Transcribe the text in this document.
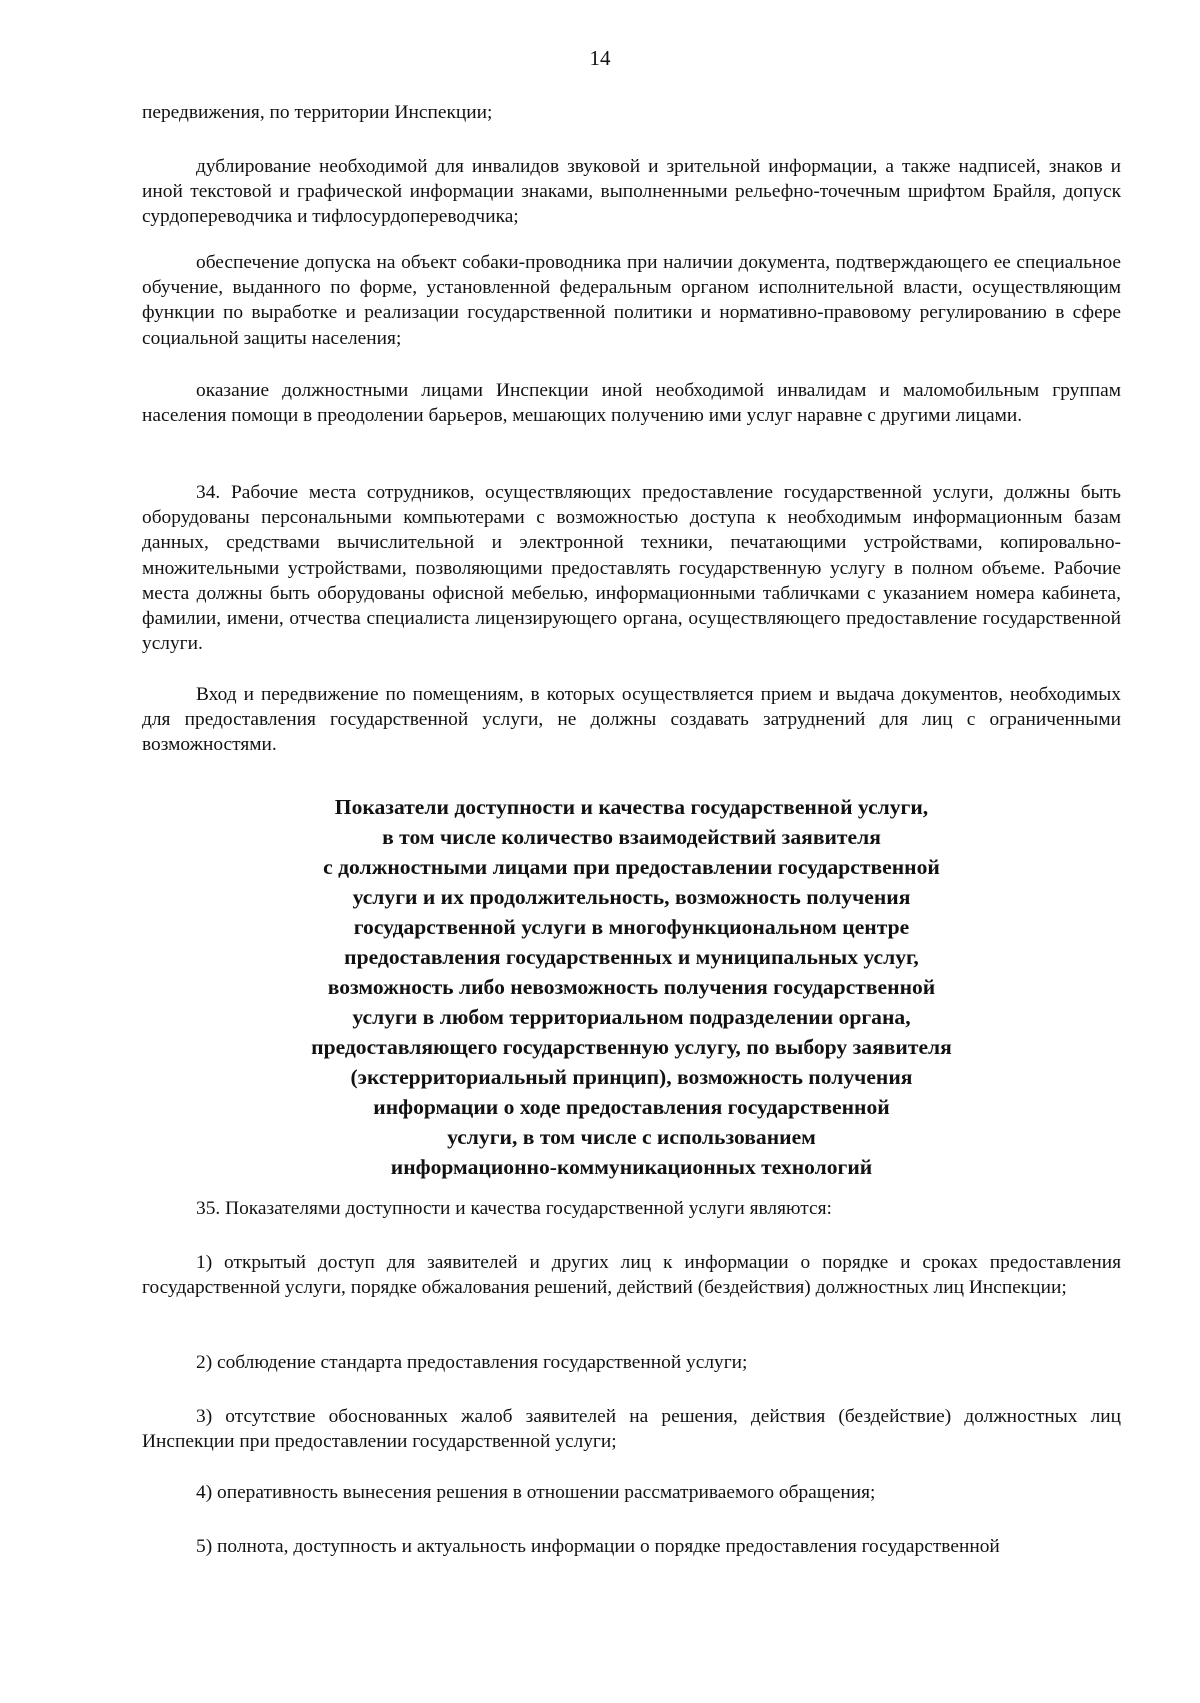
14

передвижения, по территории Инспекции;

дублирование необходимой для инвалидов звуковой и зрительной информации, а также надписей, знаков и иной текстовой и графической информации знаками, выполненными рельефно-точечным шрифтом Брайля, допуск сурдопереводчика и тифлосурдопереводчика;

обеспечение допуска на объект собаки-проводника при наличии документа, подтверждающего ее специальное обучение, выданного по форме, установленной федеральным органом исполнительной власти, осуществляющим функции по выработке и реализации государственной политики и нормативно-правовому регулированию в сфере социальной защиты населения;

оказание должностными лицами Инспекции иной необходимой инвалидам и маломобильным группам населения помощи в преодолении барьеров, мешающих получению ими услуг наравне с другими лицами.

34. Рабочие места сотрудников, осуществляющих предоставление государственной услуги, должны быть оборудованы персональными компьютерами с возможностью доступа к необходимым информационным базам данных, средствами вычислительной и электронной техники, печатающими устройствами, копировально-множительными устройствами, позволяющими предоставлять государственную услугу в полном объеме. Рабочие места должны быть оборудованы офисной мебелью, информационными табличками с указанием номера кабинета, фамилии, имени, отчества специалиста лицензирующего органа, осуществляющего предоставление государственной услуги.

Вход и передвижение по помещениям, в которых осуществляется прием и выдача документов, необходимых для предоставления государственной услуги, не должны создавать затруднений для лиц с ограниченными возможностями.

Показатели доступности и качества государственной услуги,
в том числе количество взаимодействий заявителя
с должностными лицами при предоставлении государственной
услуги и их продолжительность, возможность получения
государственной услуги в многофункциональном центре
предоставления государственных и муниципальных услуг,
возможность либо невозможность получения государственной
услуги в любом территориальном подразделении органа,
предоставляющего государственную услугу, по выбору заявителя
(экстерриториальный принцип), возможность получения
информации о ходе предоставления государственной
услуги, в том числе с использованием
информационно-коммуникационных технологий

35. Показателями доступности и качества государственной услуги являются:

1) открытый доступ для заявителей и других лиц к информации о порядке и сроках предоставления государственной услуги, порядке обжалования решений, действий (бездействия) должностных лиц Инспекции;

2) соблюдение стандарта предоставления государственной услуги;

3) отсутствие обоснованных жалоб заявителей на решения, действия (бездействие) должностных лиц Инспекции при предоставлении государственной услуги;

4) оперативность вынесения решения в отношении рассматриваемого обращения;

5) полнота, доступность и актуальность информации о порядке предоставления государственной
